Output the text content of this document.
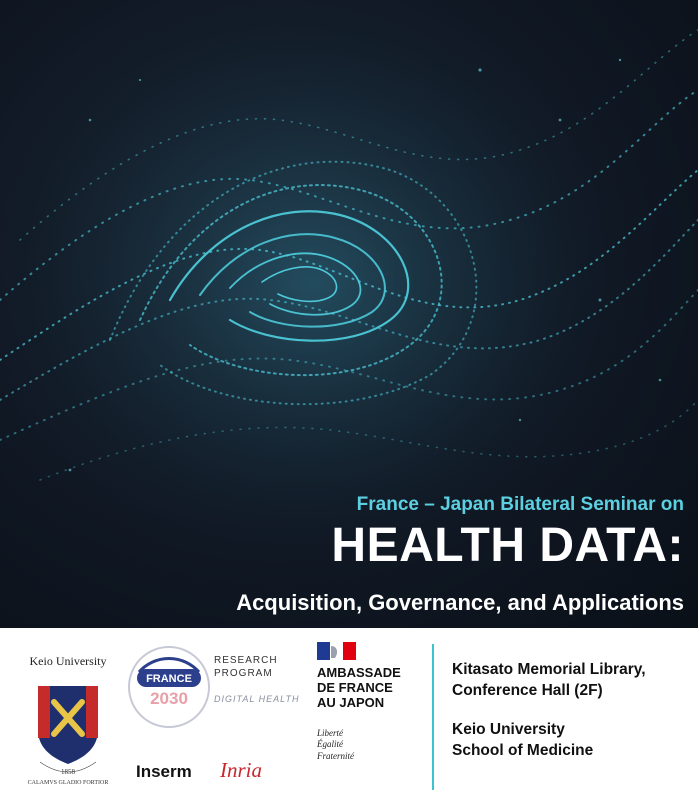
France – Japan Bilateral Seminar on
HEALTH DATA:
Acquisition, Governance, and Applications
Keio University
1858
CALAMVS GLADIO FORTIOR
FRANCE
2030
RESEARCH
PROGRAM
DIGITAL HEALTH
Inserm Inria
AMBASSADE
DE FRANCE
AU JAPON
Liberté
Égalité
Fraternité
Kitasato Memorial Library,
Conference Hall (2F)
Keio University
School of Medicine
